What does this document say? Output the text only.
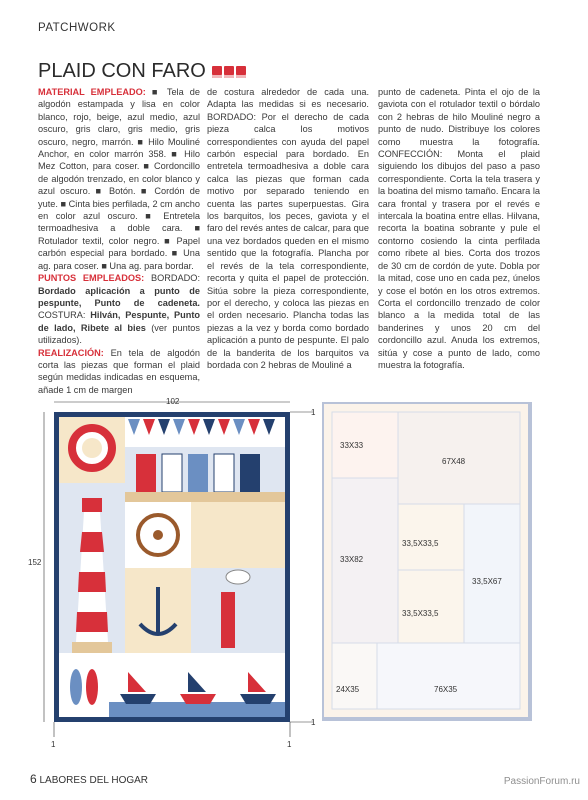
PATCHWORK
PLAID CON FARO
MATERIAL EMPLEADO: ■ Tela de algodón estampada y lisa en color blanco, rojo, beige, azul medio, azul oscuro, gris claro, gris medio, gris oscuro, negro, marrón. ■ Hilo Mouliné Anchor, en color marrón 358. ■ Hilo Mez Cotton, para coser. ■ Cordoncillo de algodón trenzado, en color blanco y azul oscuro. ■ Botón. ■ Cordón de yute. ■ Cinta bies perfilada, 2 cm ancho en color azul oscuro. ■ Entretela termoadhesiva a doble cara. ■ Rotulador textil, color negro. ■ Papel carbón especial para bordado. ■ Una ag. para coser. ■ Una ag. para bordar.
PUNTOS EMPLEADOS: BORDADO: Bordado aplicación a punto de pespunte, Punto de cadeneta. COSTURA: Hilván, Pespunte, Punto de lado, Ribete al bies (ver puntos utilizados).
REALIZACIÓN: En tela de algodón corta las piezas que forman el plaid según medidas indicadas en esquema, añade 1 cm de margen
de costura alrededor de cada una. Adapta las medidas si es necesario. BORDADO: Por el derecho de cada pieza calca los motivos correspondientes con ayuda del papel carbón especial para bordado. En entretela termoadhesiva a doble cara calca las piezas que forman cada motivo por separado teniendo en cuenta las partes superpuestas. Gira los barquitos, los peces, gaviota y el faro del revés antes de calcar, para que una vez bordados queden en el mismo sentido que la fotografía. Plancha por el revés de la tela correspondiente, recorta y quita el papel de protección. Sitúa sobre la pieza correspondiente, por el derecho, y coloca las piezas en el orden necesario. Plancha todas las piezas a la vez y borda como bordado aplicación a punto de pespunte. El palo de la banderita de los barquitos va bordada con 2 hebras de Mouliné a
punto de cadeneta. Pinta el ojo de la gaviota con el rotulador textil o bórdalo con 2 hebras de hilo Mouliné negro a punto de nudo. Distribuye los colores como muestra la fotografía. CONFECCIÓN: Monta el plaid siguiendo los dibujos del paso a paso correspondiente. Corta la tela trasera y la boatina del mismo tamaño. Encara la cara frontal y trasera por el revés e intercala la boatina entre ellas. Hilvana, recorta la boatina sobrante y pule el contorno cosiendo la cinta perfilada como ribete al bies. Corta dos trozos de 30 cm de cordón de yute. Dobla por la mitad, cose uno en cada pez, únelos y cose el botón en los otros extremos. Corta el cordoncillo trenzado de color blanco a la medida total de las banderines y unos 20 cm del cordoncillo azul. Anuda los extremos, sitúa y cose a punto de lado, como muestra la fotografía.
102
1
1
152
1	1
33X33
67X48
33X82
33,5X33,5
33,5X67
33,5X33,5
24X35	76X35
6 LABORES DEL HOGAR	PassionForum.ru
